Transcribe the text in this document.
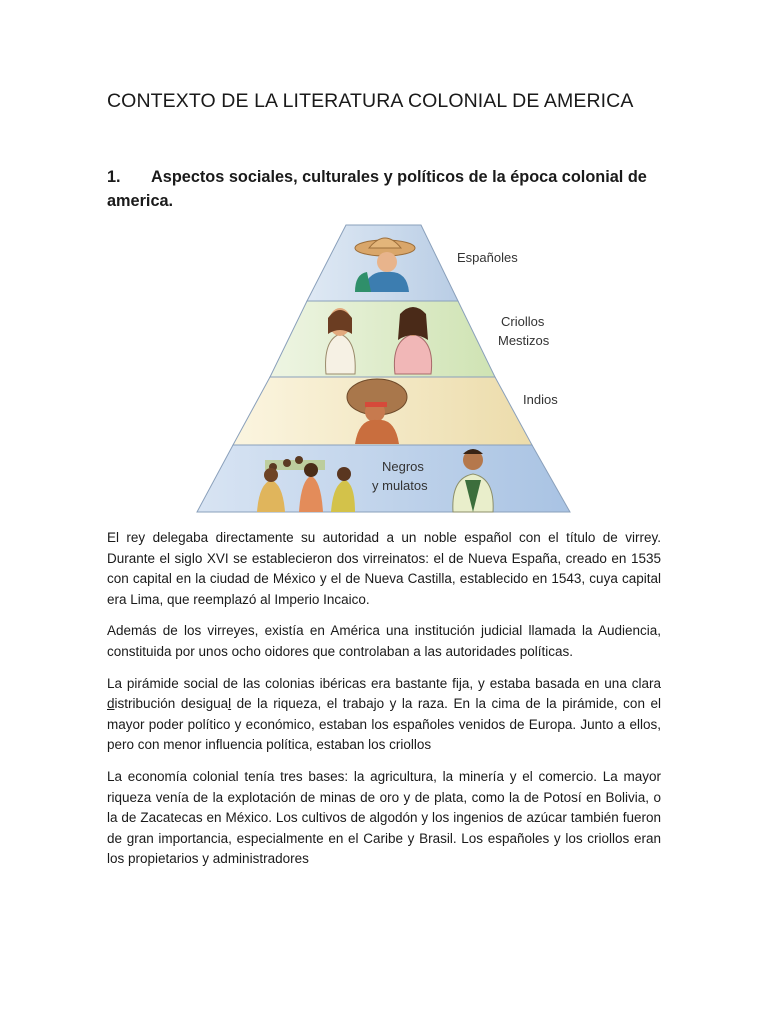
CONTEXTO DE LA LITERATURA COLONIAL DE AMERICA
1. Aspectos sociales, culturales y políticos de la época colonial de america.
Españoles
Criollos Mestizos
Indios
Negros y mulatos

El rey delegaba directamente su autoridad a un noble español con el título de virrey. Durante el siglo XVI se establecieron dos virreinatos: el de Nueva España, creado en 1535 con capital en la ciudad de México y el de Nueva Castilla, establecido en 1543, cuya capital era Lima, que reemplazó al Imperio Incaico.

Además de los virreyes, existía en América una institución judicial llamada la Audiencia, constituida por unos ocho oidores que controlaban a las autoridades políticas.

La pirámide social de las colonias ibéricas era bastante fija, y estaba basada en una clara distribución desigual de la riqueza, el trabajo y la raza. En la cima de la pirámide, con el mayor poder político y económico, estaban los españoles venidos de Europa. Junto a ellos, pero con menor influencia política, estaban los criollos

La economía colonial tenía tres bases: la agricultura, la minería y el comercio. La mayor riqueza venía de la explotación de minas de oro y de plata, como la de Potosí en Bolivia, o la de Zacatecas en México. Los cultivos de algodón y los ingenios de azúcar también fueron de gran importancia, especialmente en el Caribe y Brasil. Los españoles y los criollos eran los propietarios y administradores
